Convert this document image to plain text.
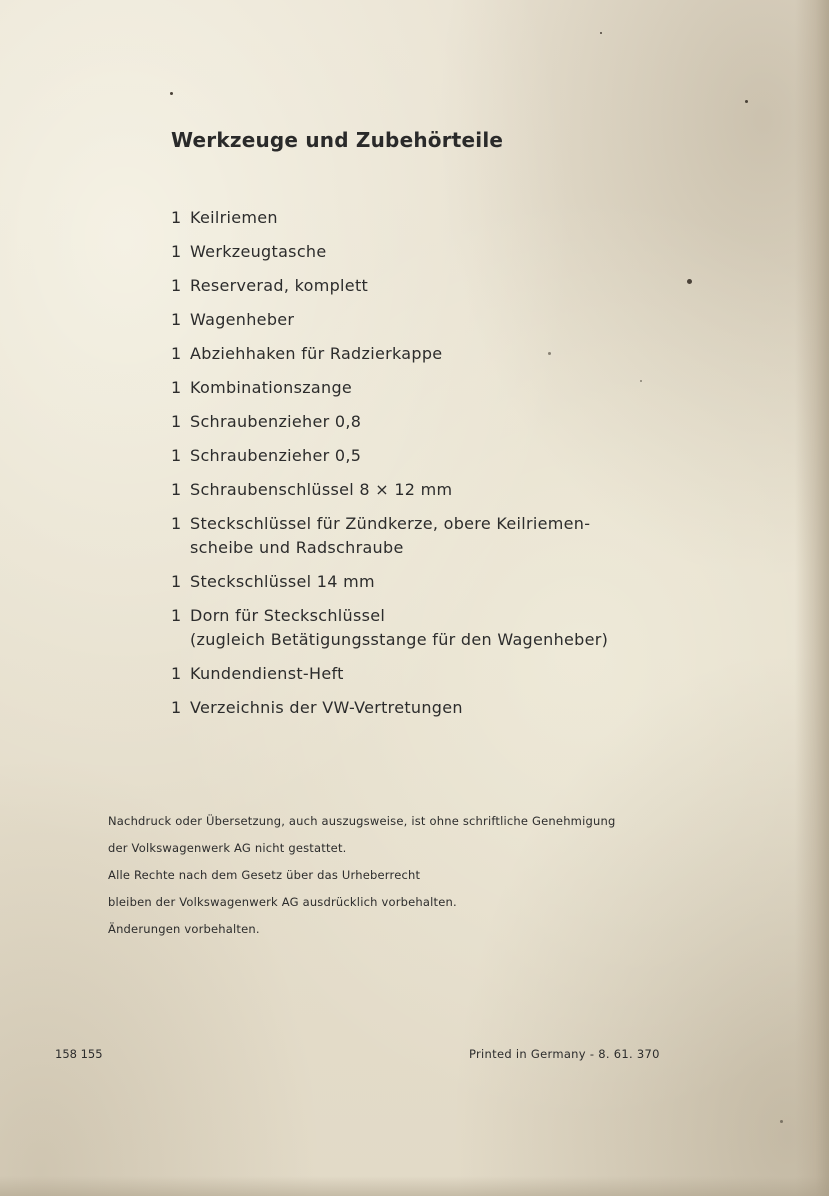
Werkzeuge und Zubehörteile
1 Keilriemen
1 Werkzeugtasche
1 Reserverad, komplett
1 Wagenheber
1 Abziehhaken für Radzierkappe
1 Kombinationszange
1 Schraubenzieher 0,8
1 Schraubenzieher 0,5
1 Schraubenschlüssel 8 × 12 mm
1 Steckschlüssel für Zündkerze, obere Keilriemen-
scheibe und Radschraube
1 Steckschlüssel 14 mm
1 Dorn für Steckschlüssel
(zugleich Betätigungsstange für den Wagenheber)
1 Kundendienst-Heft
1 Verzeichnis der VW-Vertretungen

Nachdruck oder Übersetzung, auch auszugsweise, ist ohne schriftliche Genehmigung

der Volkswagenwerk AG nicht gestattet.

Alle Rechte nach dem Gesetz über das Urheberrecht

bleiben der Volkswagenwerk AG ausdrücklich vorbehalten.

Änderungen vorbehalten.

158 155	Printed in Germany - 8. 61. 370
